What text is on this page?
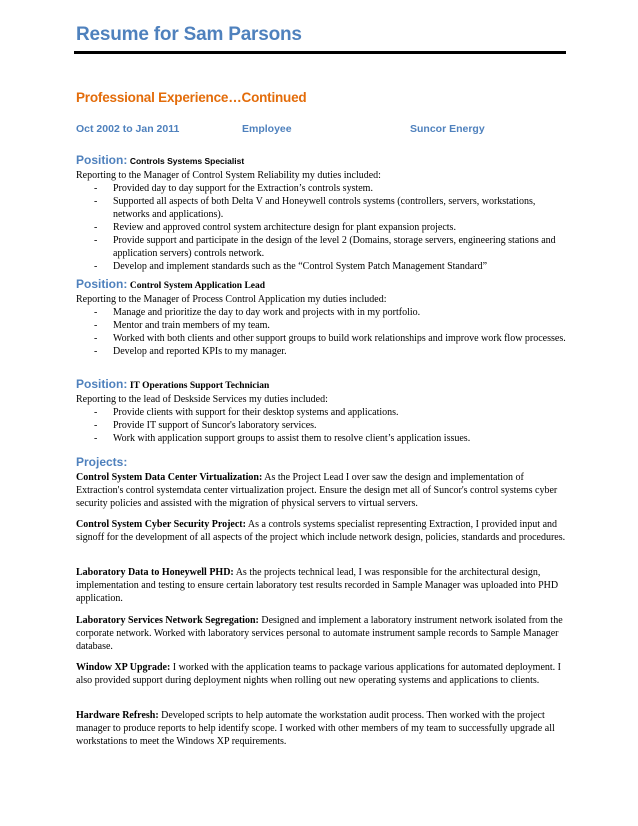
Resume for Sam Parsons
Professional Experience…Continued
Oct 2002 to Jan 2011	Employee	Suncor Energy
Position: Controls Systems Specialist
Reporting to the Manager of Control System Reliability my duties included:
- Provided day to day support for the Extraction’s controls system.
- Supported all aspects of both Delta V and Honeywell controls systems (controllers, servers, workstations, networks and applications).
- Review and approved control system architecture design for plant expansion projects.
- Provide support and participate in the design of the level 2 (Domains, storage servers, engineering stations and application servers) controls network.
- Develop and implement standards such as the “Control System Patch Management Standard”
Position: Control System Application Lead
Reporting to the Manager of Process Control Application my duties included:
- Manage and prioritize the day to day work and projects with in my portfolio.
- Mentor and train members of my team.
- Worked with both clients and other support groups to build work relationships and improve work flow processes.
- Develop and reported KPIs to my manager.
Position: IT Operations Support Technician
Reporting to the lead of Deskside Services my duties included:
- Provide clients with support for their desktop systems and applications.
- Provide IT support of Suncor's laboratory services.
- Work with application support groups to assist them to resolve client’s application issues.
Projects:
Control System Data Center Virtualization: As the Project Lead I over saw the design and implementation of Extraction's control systemdata center virtualization project. Ensure the design met all of Suncor's control systems cyber security policies and assisted with the migration of physical servers to virtual servers.
Control System Cyber Security Project: As a controls systems specialist representing Extraction, I provided input and signoff for the development of all aspects of the project which include network design, policies, standards and procedures.
Laboratory Data to Honeywell PHD: As the projects technical lead, I was responsible for the architectural design, implementation and testing to ensure certain laboratory test results recorded in Sample Manager was uploaded into PHD application.
Laboratory Services Network Segregation: Designed and implement a laboratory instrument network isolated from the corporate network. Worked with laboratory services personal to automate instrument sample records to Sample Manager database.
Window XP Upgrade: I worked with the application teams to package various applications for automated deployment. I also provided support during deployment nights when rolling out new operating systems and applications to clients.
Hardware Refresh: Developed scripts to help automate the workstation audit process. Then worked with the project manager to produce reports to help identify scope. I worked with other members of my team to successfully upgrade all workstations to meet the Windows XP requirements.
